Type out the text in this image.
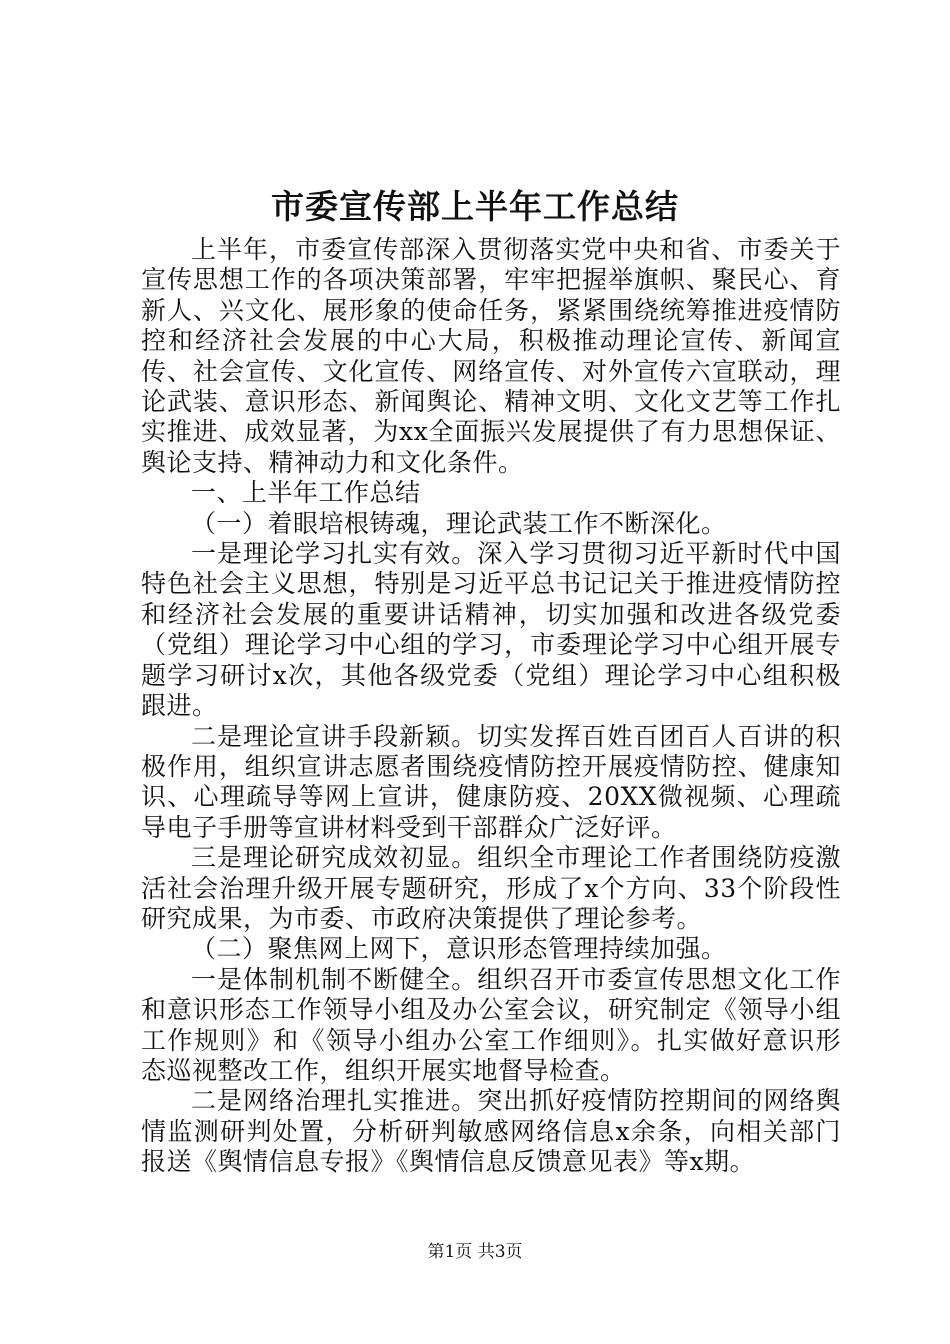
市委宣传部上半年工作总结

上半年，市委宣传部深入贯彻落实党中央和省、市委关于宣传思想工作的各项决策部署，牢牢把握举旗帜、聚民心、育新人、兴文化、展形象的使命任务，紧紧围绕统筹推进疫情防控和经济社会发展的中心大局，积极推动理论宣传、新闻宣传、社会宣传、文化宣传、网络宣传、对外宣传六宣联动，理论武装、意识形态、新闻舆论、精神文明、文化文艺等工作扎实推进、成效显著，为xx全面振兴发展提供了有力思想保证、舆论支持、精神动力和文化条件。

一、上半年工作总结

（一）着眼培根铸魂，理论武装工作不断深化。

一是理论学习扎实有效。深入学习贯彻习近平新时代中国特色社会主义思想，特别是习近平总书记记关于推进疫情防控和经济社会发展的重要讲话精神，切实加强和改进各级党委（党组）理论学习中心组的学习，市委理论学习中心组开展专题学习研讨x次，其他各级党委（党组）理论学习中心组积极跟进。

二是理论宣讲手段新颖。切实发挥百姓百团百人百讲的积极作用，组织宣讲志愿者围绕疫情防控开展疫情防控、健康知识、心理疏导等网上宣讲，健康防疫、20XX微视频、心理疏导电子手册等宣讲材料受到干部群众广泛好评。

三是理论研究成效初显。组织全市理论工作者围绕防疫激活社会治理升级开展专题研究，形成了x个方向、33个阶段性研究成果，为市委、市政府决策提供了理论参考。

（二）聚焦网上网下，意识形态管理持续加强。

一是体制机制不断健全。组织召开市委宣传思想文化工作和意识形态工作领导小组及办公室会议，研究制定《领导小组工作规则》和《领导小组办公室工作细则》。扎实做好意识形态巡视整改工作，组织开展实地督导检查。

二是网络治理扎实推进。突出抓好疫情防控期间的网络舆情监测研判处置，分析研判敏感网络信息x余条，向相关部门报送《舆情信息专报》《舆情信息反馈意见表》等x期。

第1页 共3页
